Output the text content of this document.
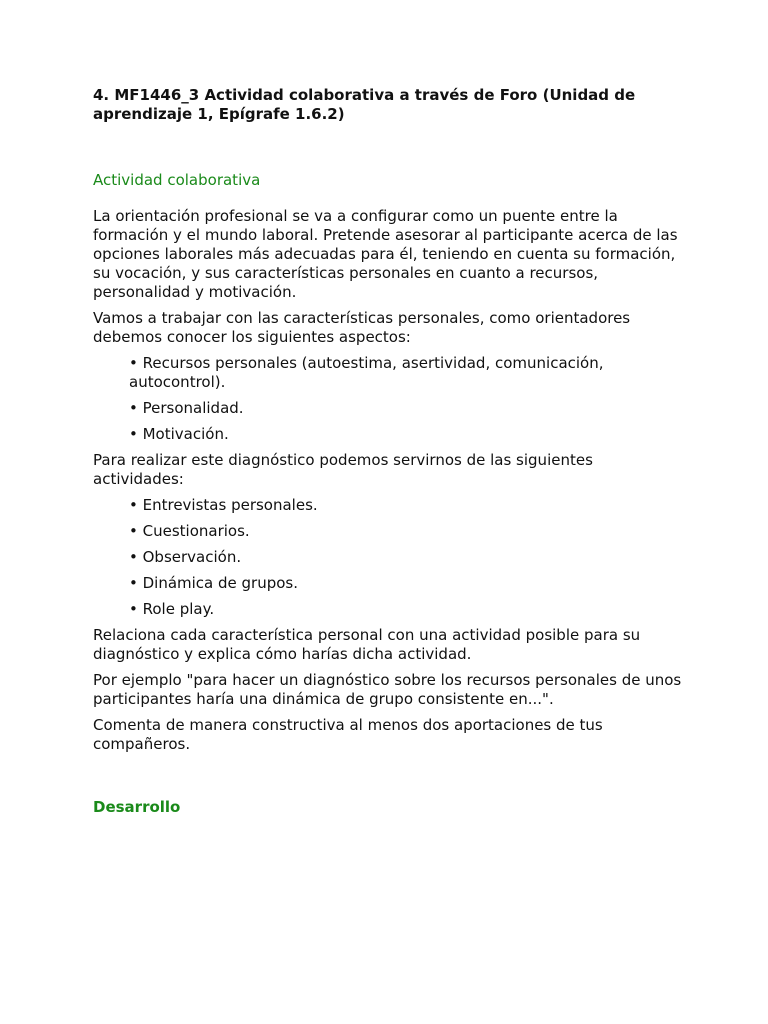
4. MF1446_3 Actividad colaborativa a través de Foro (Unidad de aprendizaje 1, Epígrafe 1.6.2)

Actividad colaborativa

La orientación profesional se va a configurar como un puente entre la formación y el mundo laboral. Pretende asesorar al participante acerca de las opciones laborales más adecuadas para él, teniendo en cuenta su formación, su vocación, y sus características personales en cuanto a recursos, personalidad y motivación.

Vamos a trabajar con las características personales, como orientadores debemos conocer los siguientes aspectos:

• Recursos personales (autoestima, asertividad, comunicación, autocontrol).
• Personalidad.
• Motivación.

Para realizar este diagnóstico podemos servirnos de las siguientes actividades:

• Entrevistas personales.
• Cuestionarios.
• Observación.
• Dinámica de grupos.
• Role play.

Relaciona cada característica personal con una actividad posible para su diagnóstico y explica cómo harías dicha actividad.

Por ejemplo "para hacer un diagnóstico sobre los recursos personales de unos participantes haría una dinámica de grupo consistente en...".

Comenta de manera constructiva al menos dos aportaciones de tus compañeros.

Desarrollo
